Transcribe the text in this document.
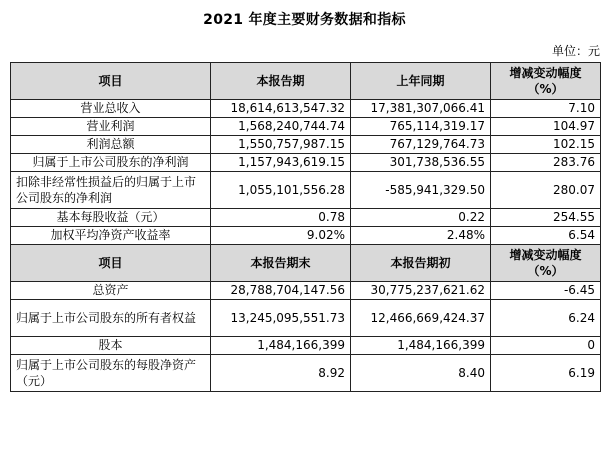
2021 年度主要财务数据和指标
单位：元
项目	本报告期	上年同期	增减变动幅度
（%）

营业总收入	18,614,613,547.32	17,381,307,066.41	7.10
营业利润	1,568,240,744.74	765,114,319.17	104.97
利润总额	1,550,757,987.15	767,129,764.73	102.15
归属于上市公司股东的净利润	1,157,943,619.15	301,738,536.55	283.76
扣除非经常性损益后的归属于上市公司股东的净利润	1,055,101,556.28	-585,941,329.50	280.07
基本每股收益（元）	0.78	0.22	254.55
加权平均净资产收益率	9.02%	2.48%	6.54
项目	本报告期末	本报告期初	增减变动幅度
（%）

总资产	28,788,704,147.56	30,775,237,621.62	-6.45
归属于上市公司股东的所有者权益	13,245,095,551.73	12,466,669,424.37	6.24
股本	1,484,166,399	1,484,166,399	0
归属于上市公司股东的每股净资产（元）	8.92	8.40	6.19
